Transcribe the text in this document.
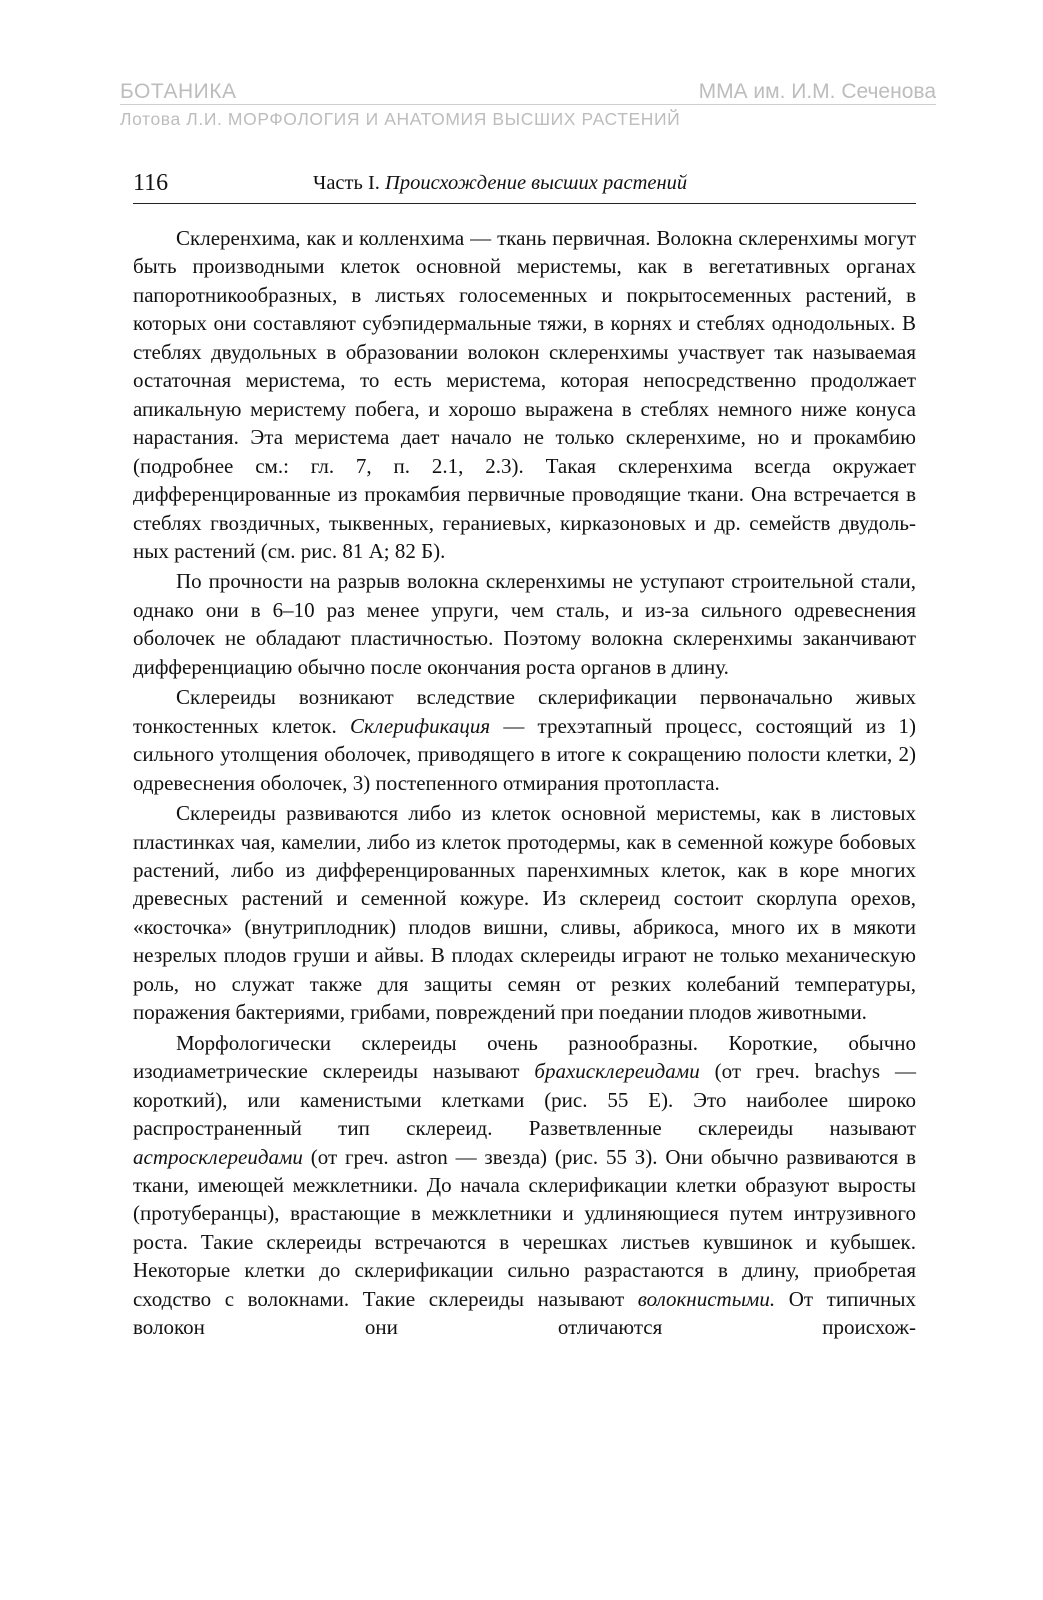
БОТАНИКА	ММА им. И.М. Сеченова
Лотова Л.И. МОРФОЛОГИЯ И АНАТОМИЯ ВЫСШИХ РАСТЕНИЙ
116	Часть I. Происхождение высших растений

Склеренхима, как и колленхима — ткань первичная. Волокна склеренхимы могут быть производными клеток основной меристемы, как в вегетативных органах папоротникообразных, в листьях голосеменных и покрытосеменных растений, в которых они составляют субэпидермальные тяжи, в корнях и стеблях однодольных. В стеблях двудольных в образовании волокон склеренхимы участвует так называемая остаточная меристема, то есть меристема, которая непосредственно продолжает апикальную меристему побега, и хорошо выражена в стеблях немного ниже конуса нарастания. Эта меристема дает начало не только склеренхиме, но и прокамбию (подробнее см.: гл. 7, п. 2.1, 2.3). Такая склеренхима всегда окружает дифференцированные из прокамбия первичные проводящие ткани. Она встречается в стеблях гвоздичных, тыквенных, гераниевых, кирказоновых и др. семейств двудольных растений (см. рис. 81 А; 82 Б).

По прочности на разрыв волокна склеренхимы не уступают строительной стали, однако они в 6–10 раз менее упруги, чем сталь, и из-за сильного одревеснения оболочек не обладают пластичностью. Поэтому волокна склеренхимы заканчивают дифференциацию обычно после окончания роста органов в длину.

Склереиды возникают вследствие склерификации первоначально живых тонкостенных клеток. Склерификация — трехэтапный процесс, состоящий из 1) сильного утолщения оболочек, приводящего в итоге к сокращению полости клетки, 2) одревеснения оболочек, 3) постепенного отмирания протопласта.

Склереиды развиваются либо из клеток основной меристемы, как в листовых пластинках чая, камелии, либо из клеток протодермы, как в семенной кожуре бобовых растений, либо из дифференцированных паренхимных клеток, как в коре многих древесных растений и семенной кожуре. Из склереид состоит скорлупа орехов, «косточка» (внутриплодник) плодов вишни, сливы, абрикоса, много их в мякоти незрелых плодов груши и айвы. В плодах склереиды играют не только механическую роль, но служат также для защиты семян от резких колебаний температуры, поражения бактериями, грибами, повреждений при поедании плодов животными.

Морфологически склереиды очень разнообразны. Короткие, обычно изодиаметрические склереиды называют брахисклереидами (от греч. brachys — короткий), или каменистыми клетками (рис. 55 Е). Это наиболее широко распространенный тип склереид. Разветвленные склереиды называют астросклереидами (от греч. astron — звезда) (рис. 55 З). Они обычно развиваются в ткани, имеющей межклетники. До начала склерификации клетки образуют выросты (протуберанцы), врастающие в межклетники и удлиняющиеся путем интрузивного роста. Такие склереиды встречаются в черешках листьев кувшинок и кубышек. Некоторые клетки до склерификации сильно разрастаются в длину, приобретая сходство с волокнами. Такие склереиды называют волокнистыми. От типичных волокон они отличаются происхож-
